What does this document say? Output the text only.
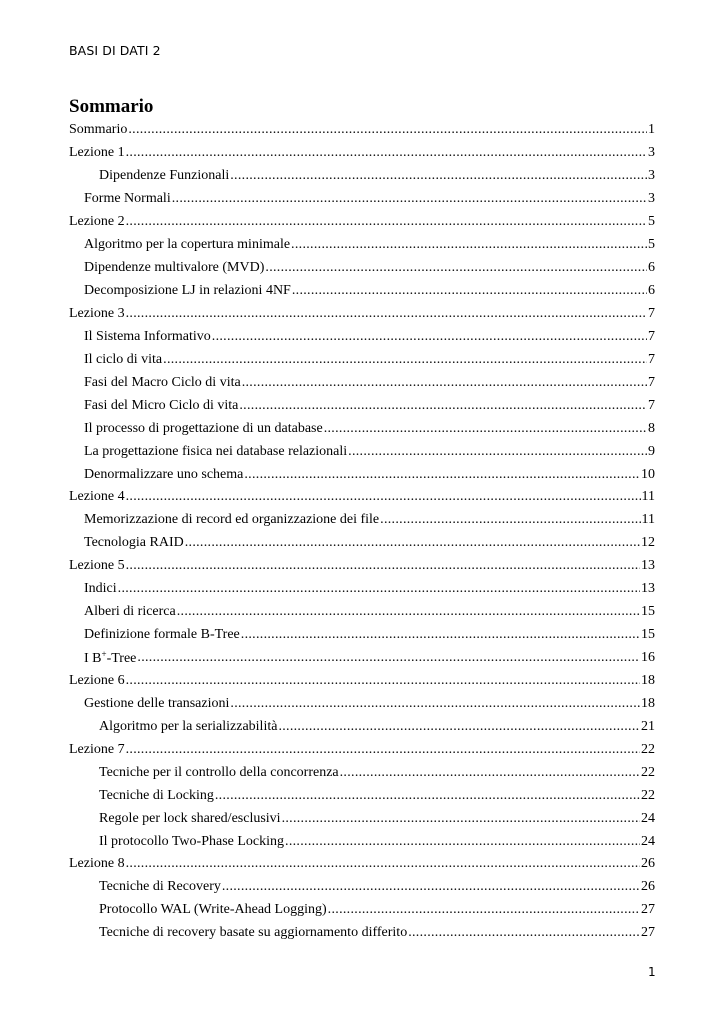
BASI DI DATI 2
Sommario
Sommario .....	1
Lezione 1 .....	3
Dipendenze Funzionali .....	3
Forme Normali .....	3
Lezione 2 .....	5
Algoritmo per la copertura minimale .....	5
Dipendenze multivalore (MVD) .....	6
Decomposizione LJ in relazioni 4NF .....	6
Lezione 3 .....	7
Il Sistema Informativo .....	7
Il ciclo di vita .....	7
Fasi del Macro Ciclo di vita .....	7
Fasi del Micro Ciclo di vita .....	7
Il processo di progettazione di un database .....	8
La progettazione fisica nei database relazionali .....	9
Denormalizzare uno schema .....	10
Lezione 4 .....	11
Memorizzazione di record ed organizzazione dei file .....	11
Tecnologia RAID .....	12
Lezione 5 .....	13
Indici .....	13
Alberi di ricerca .....	15
Definizione formale B-Tree .....	15
I B+-Tree .....	16
Lezione 6 .....	18
Gestione delle transazioni .....	18
Algoritmo per la serializzabilità .....	21
Lezione 7 .....	22
Tecniche per il controllo della concorrenza .....	22
Tecniche di Locking .....	22
Regole per lock shared/esclusivi .....	24
Il protocollo Two-Phase Locking .....	24
Lezione 8 .....	26
Tecniche di Recovery .....	26
Protocollo WAL (Write-Ahead Logging) .....	27
Tecniche di recovery basate su aggiornamento differito .....	27
1
